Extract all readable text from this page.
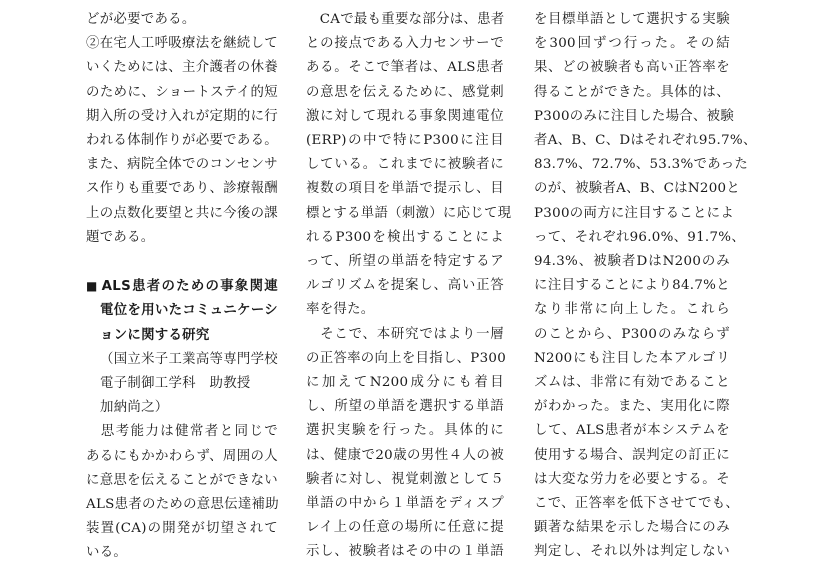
どが必要である。
②在宅人工呼吸療法を継続して
いくためには、主介護者の休養
のために、ショートステイ的短
期入所の受け入れが定期的に行
われる体制作りが必要である。
また、病院全体でのコンセンサ
ス作りも重要であり、診療報酬
上の点数化要望と共に今後の課
題である。
■ ALS患者のための事象関連
電位を用いたコミュニケーシ
ョンに関する研究
（国立米子工業高等専門学校
電子制御工学科　助教授
加納尚之）
　思考能力は健常者と同じで
あるにもかかわらず、周囲の人
に意思を伝えることができない
ALS患者のための意思伝達補助
装置(CA)の開発が切望されて
いる。
　CAで最も重要な部分は、患者
との接点である入力センサーで
ある。そこで筆者は、ALS患者
の意思を伝えるために、感覚刺
激に対して現れる事象関連電位
(ERP)の中で特にP300に注目
している。これまでに被験者に
複数の項目を単語で提示し、目
標とする単語（刺激）に応じて現
れるP300を検出することによ
って、所望の単語を特定するア
ルゴリズムを提案し、高い正答
率を得た。
　そこで、本研究ではより一層
の正答率の向上を目指し、P300
に加えてN200成分にも着目
し、所望の単語を選択する単語
選択実験を行った。具体的に
は、健康で20歳の男性４人の被
験者に対し、視覚刺激として５
単語の中から１単語をディスプ
レイ上の任意の場所に任意に提
示し、被験者はその中の１単語
を目標単語として選択する実験
を300回ずつ行った。その結
果、どの被験者も高い正答率を
得ることができた。具体的は、
P300のみに注目した場合、被験
者A、B、C、Dはそれぞれ95.7%、
83.7%、72.7%、53.3%であった
のが、被験者A、B、CはN200と
P300の両方に注目することによ
って、それぞれ96.0%、91.7%、
94.3%、被験者DはN200のみ
に注目することにより84.7%と
なり非常に向上した。これら
のことから、P300のみならず
N200にも注目した本アルゴリ
ズムは、非常に有効であること
がわかった。また、実用化に際
して、ALS患者が本システムを
使用する場合、誤判定の訂正に
は大変な労力を必要とする。そ
こで、正答率を低下させてでも、
顕著な結果を示した場合にのみ
判定し、それ以外は判定しない
